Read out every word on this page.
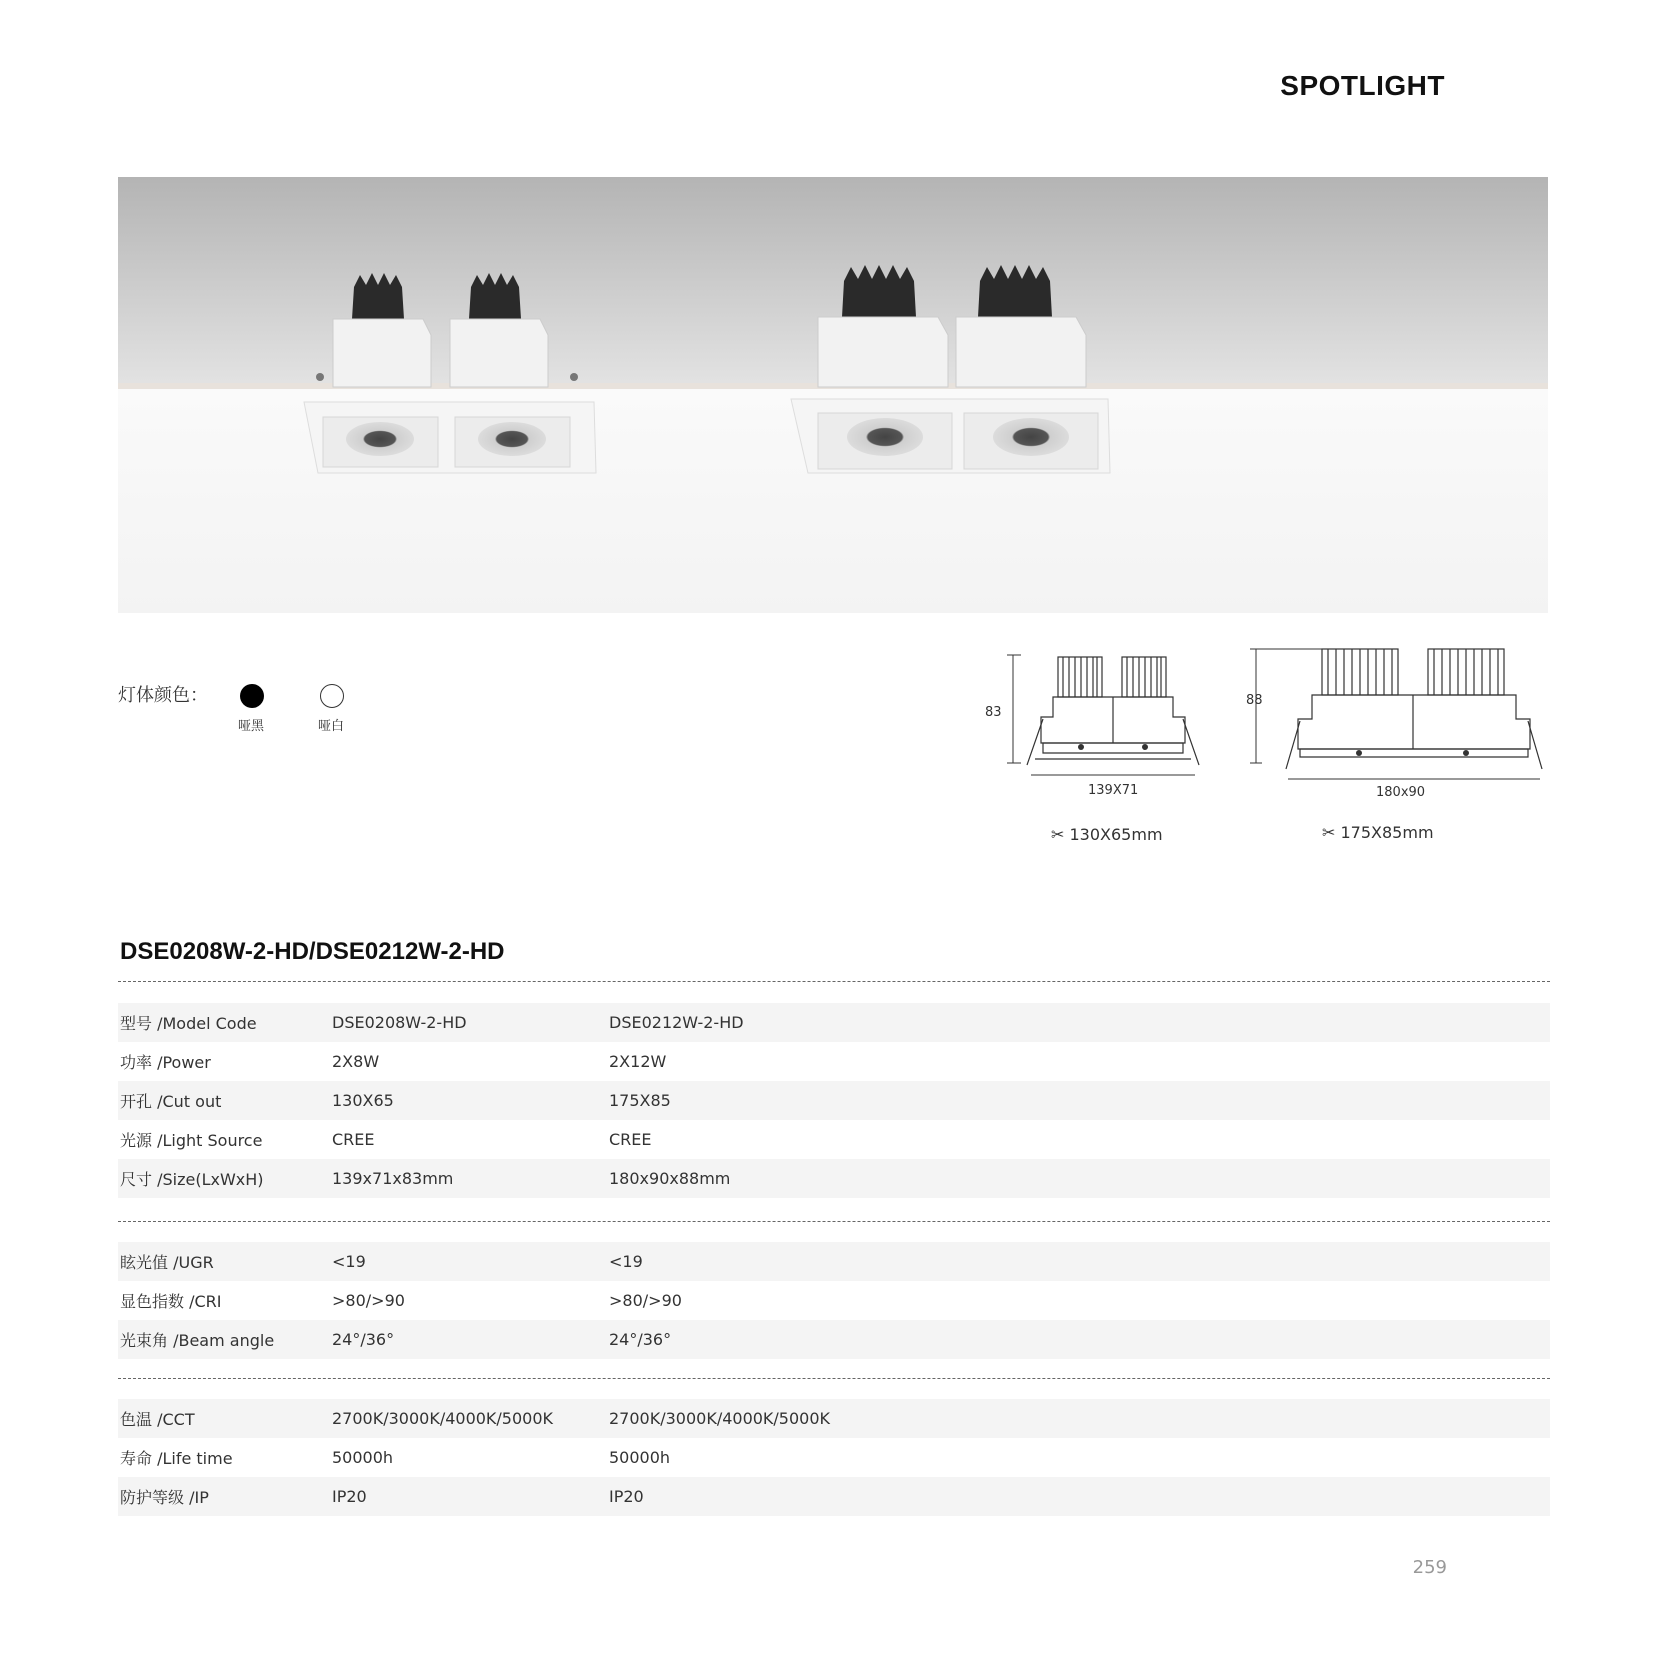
SPOTLIGHT
灯体颜色：
哑黑	哑白
83
139X71
✂ 130X65mm
88
180x90
✂ 175X85mm
DSE0208W-2-HD/DSE0212W-2-HD
型号 /Model Code	DSE0208W-2-HD	DSE0212W-2-HD
功率 /Power	2X8W	2X12W
开孔 /Cut out	130X65	175X85
光源 /Light Source	CREE	CREE
尺寸 /Size(LxWxH)	139x71x83mm	180x90x88mm
眩光值 /UGR	<19	<19
显色指数 /CRI	>80/>90	>80/>90
光束角 /Beam angle	24°/36°	24°/36°
色温 /CCT	2700K/3000K/4000K/5000K	2700K/3000K/4000K/5000K
寿命 /Life time	50000h	50000h
防护等级 /IP	IP20	IP20
259
